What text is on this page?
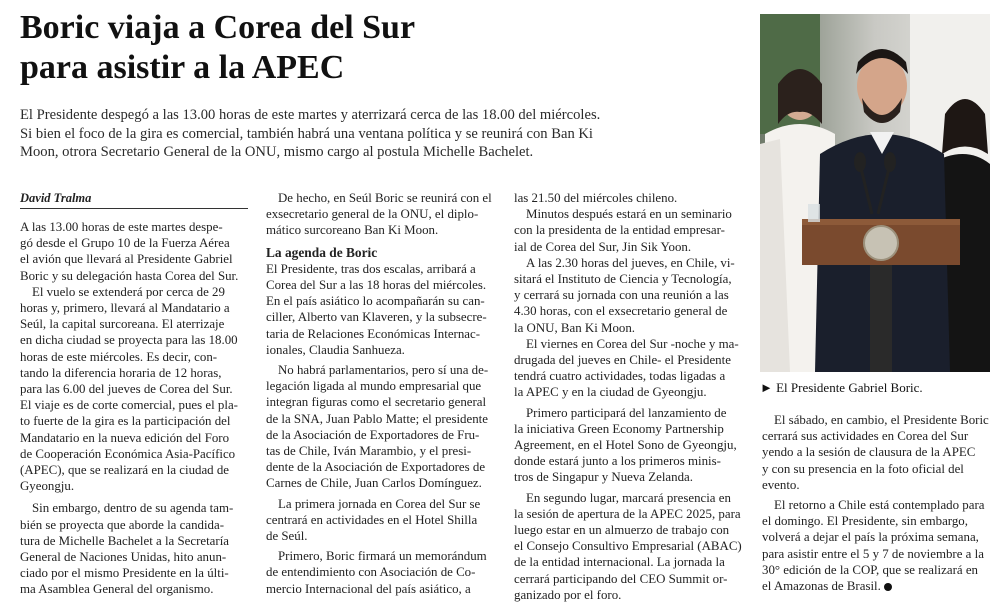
Boric viaja a Corea del Sur
para asistir a la APEC
El Presidente despegó a las 13.00 horas de este martes y aterrizará cerca de las 18.00 del miércoles.
Si bien el foco de la gira es comercial, también habrá una ventana política y se reunirá con Ban Ki
Moon, otrora Secretario General de la ONU, mismo cargo al postula Michelle Bachelet.
David Tralma
A las 13.00 horas de este martes despe-
gó desde el Grupo 10 de la Fuerza Aérea
el avión que llevará al Presidente Gabriel
Boric y su delegación hasta Corea del Sur.
El vuelo se extenderá por cerca de 29
horas y, primero, llevará al Mandatario a
Seúl, la capital surcoreana. El aterrizaje
en dicha ciudad se proyecta para las 18.00
horas de este miércoles. Es decir, con-
tando la diferencia horaria de 12 horas,
para las 6.00 del jueves de Corea del Sur.
El viaje es de corte comercial, pues el pla-
to fuerte de la gira es la participación del
Mandatario en la nueva edición del Foro
de Cooperación Económica Asia-Pacífico
(APEC), que se realizará en la ciudad de
Gyeongju.
Sin embargo, dentro de su agenda tam-
bién se proyecta que aborde la candida-
tura de Michelle Bachelet a la Secretaría
General de Naciones Unidas, hito anun-
ciado por el mismo Presidente en la últi-
ma Asamblea General del organismo.
De hecho, en Seúl Boric se reunirá con el
exsecretario general de la ONU, el diplo-
mático surcoreano Ban Ki Moon.
La agenda de Boric
El Presidente, tras dos escalas, arribará a
Corea del Sur a las 18 horas del miércoles.
En el país asiático lo acompañarán su can-
ciller, Alberto van Klaveren, y la subsecre-
taria de Relaciones Económicas Internac-
ionales, Claudia Sanhueza.
No habrá parlamentarios, pero sí una de-
legación ligada al mundo empresarial que
integran figuras como el secretario general
de la SNA, Juan Pablo Matte; el presidente
de la Asociación de Exportadores de Fru-
tas de Chile, Iván Marambio, y el presi-
dente de la Asociación de Exportadores de
Carnes de Chile, Juan Carlos Domínguez.
La primera jornada en Corea del Sur se
centrará en actividades en el Hotel Shilla
de Seúl.
Primero, Boric firmará un memorándum
de entendimiento con Asociación de Co-
mercio Internacional del país asiático, a
las 21.50 del miércoles chileno.
Minutos después estará en un seminario
con la presidenta de la entidad empresar-
ial de Corea del Sur, Jin Sik Yoon.
A las 2.30 horas del jueves, en Chile, vi-
sitará el Instituto de Ciencia y Tecnología,
y cerrará su jornada con una reunión a las
4.30 horas, con el exsecretario general de
la ONU, Ban Ki Moon.
El viernes en Corea del Sur -noche y ma-
drugada del jueves en Chile- el Presidente
tendrá cuatro actividades, todas ligadas a
la APEC y en la ciudad de Gyeongju.
Primero participará del lanzamiento de
la iniciativa Green Economy Partnership
Agreement, en el Hotel Sono de Gyeongju,
donde estará junto a los primeros minis-
tros de Singapur y Nueva Zelanda.
En segundo lugar, marcará presencia en
la sesión de apertura de la APEC 2025, para
luego estar en un almuerzo de trabajo con
el Consejo Consultivo Empresarial (ABAC)
de la entidad internacional. La jornada la
cerrará participando del CEO Summit or-
ganizado por el foro.
► El Presidente Gabriel Boric.
El sábado, en cambio, el Presidente Boric
cerrará sus actividades en Corea del Sur
yendo a la sesión de clausura de la APEC
y con su presencia en la foto oficial del
evento.
El retorno a Chile está contemplado para
el domingo. El Presidente, sin embargo,
volverá a dejar el país la próxima semana,
para asistir entre el 5 y 7 de noviembre a la
30° edición de la COP, que se realizará en
el Amazonas de Brasil.
